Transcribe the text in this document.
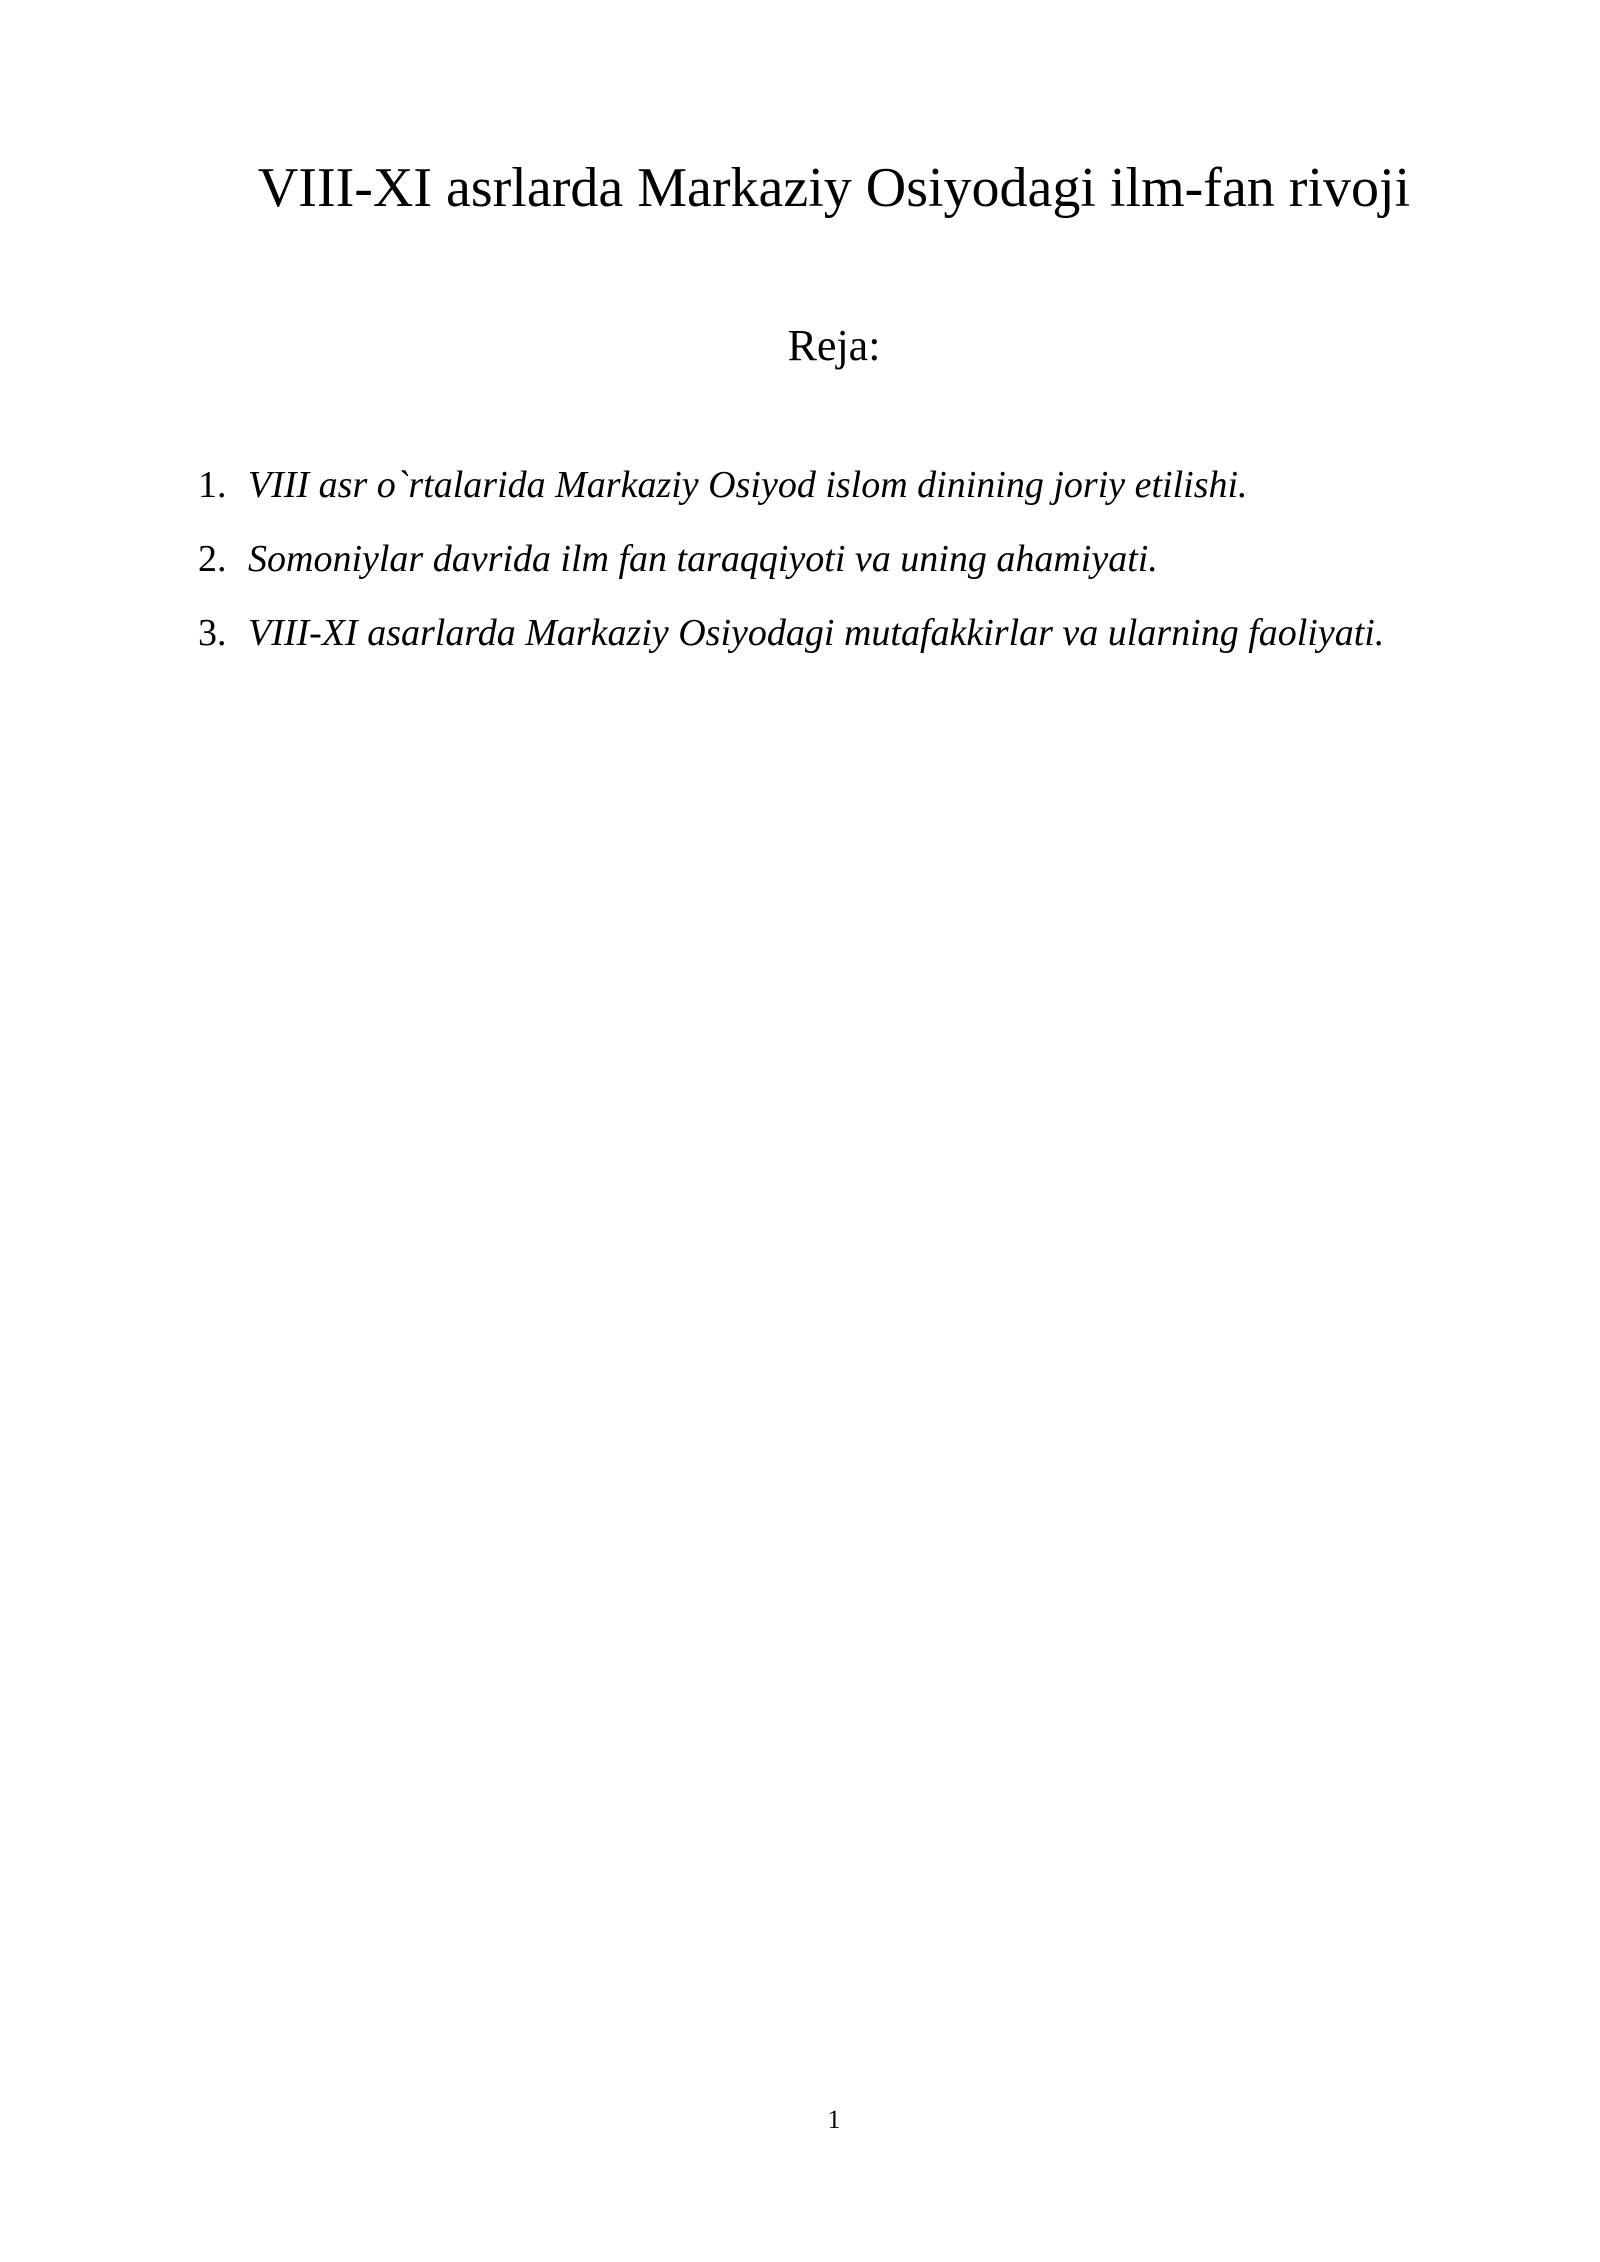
VIII-XI asrlarda Markaziy Osiyodagi ilm-fan rivoji
Reja:
1. VIII asr o`rtalarida Markaziy Osiyod islom dinining joriy etilishi.
2. Somoniylar davrida ilm fan taraqqiyoti va uning ahamiyati.
3. VIII-XI asarlarda Markaziy Osiyodagi mutafakkirlar va ularning faoliyati.
1
